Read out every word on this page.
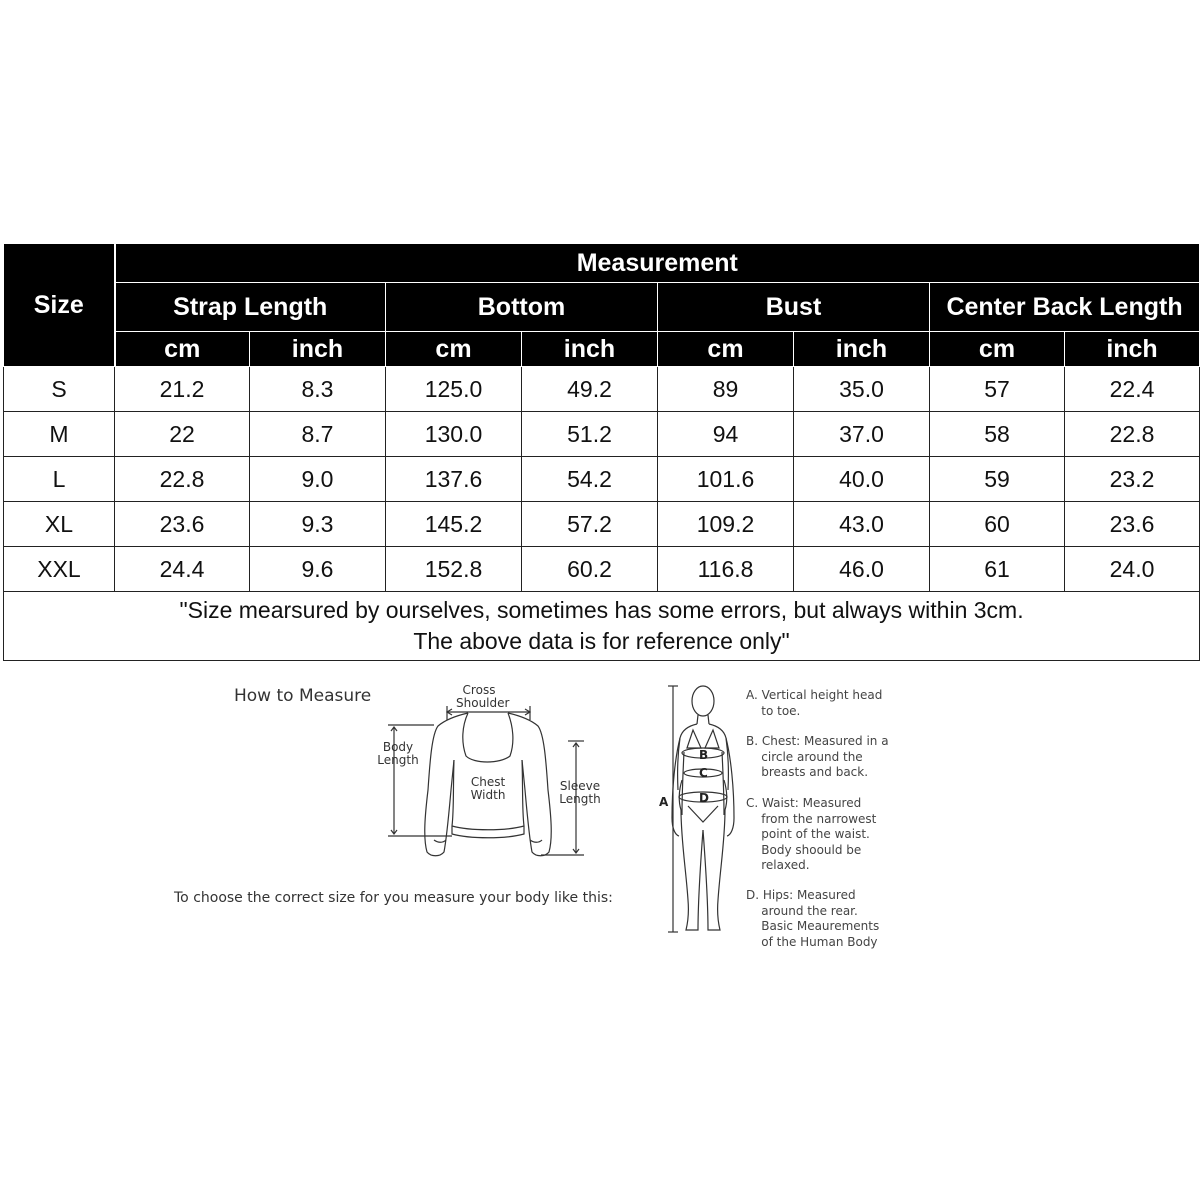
Size	Measurement							
	Strap Length		Bottom		Bust		Center Back Length	
	cm	inch	cm	inch	cm	inch	cm	inch
S	21.2	8.3	125.0	49.2	89	35.0	57	22.4
M	22	8.7	130.0	51.2	94	37.0	58	22.8
L	22.8	9.0	137.6	54.2	101.6	40.0	59	23.2
XL	23.6	9.3	145.2	57.2	109.2	43.0	60	23.6
XXL	24.4	9.6	152.8	60.2	116.8	46.0	61	24.0
"Size mearsured by ourselves, sometimes has some errors, but always within 3cm.
The above data is for reference only"								
How to Measure	Cross
Shoulder
Body
Length
Chest
Width
Sleeve
Length
To choose the correct size for you measure your body like this:
A
B
C
D
A. Vertical height head
to toe.
B. Chest: Measured in a
circle around the
breasts and back.
C. Waist: Measured
from the narrowest
point of the waist.
Body shoould be
relaxed.
D. Hips: Measured
around the rear.
Basic Meaurements
of the Human Body
